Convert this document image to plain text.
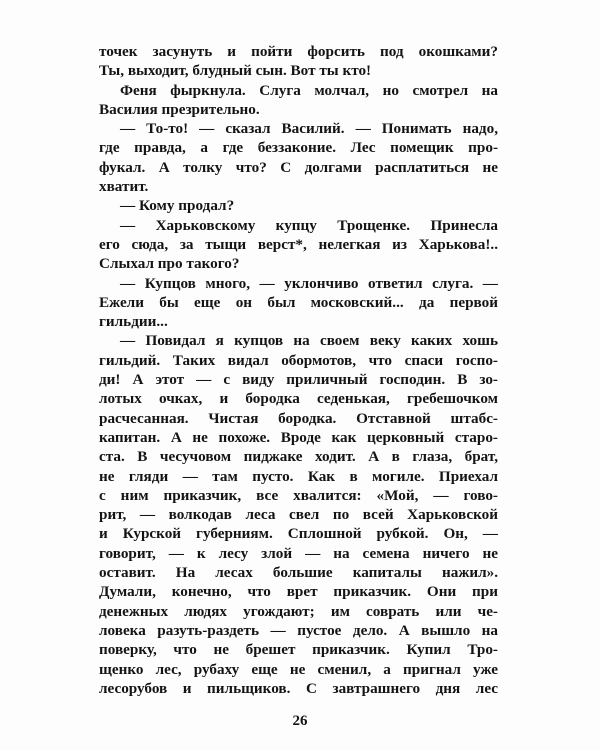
точек засунуть и пойти форсить под окошками?
Ты, выходит, блудный сын. Вот ты кто!
Феня фыркнула. Слуга молчал, но смотрел на
Василия презрительно.
— То-то! — сказал Василий. — Понимать надо,
где правда, а где беззаконие. Лес помещик про-
фукал. А толку что? С долгами расплатиться не
хватит.
— Кому продал?
— Харьковскому купцу Трощенке. Принесла
его сюда, за тыщи верст*, нелегкая из Харькова!..
Слыхал про такого?
— Купцов много, — уклончиво ответил слуга. —
Ежели бы еще он был московский... да первой
гильдии...
— Повидал я купцов на своем веку каких хошь
гильдий. Таких видал обормотов, что спаси госпо-
ди! А этот — с виду приличный господин. В зо-
лотых очках, и бородка седенькая, гребешочком
расчесанная. Чистая бородка. Отставной штабс-
капитан. А не похоже. Вроде как церковный старо-
ста. В чесучовом пиджаке ходит. А в глаза, брат,
не гляди — там пусто. Как в могиле. Приехал
с ним приказчик, все хвалится: «Мой, — гово-
рит, — волкодав леса свел по всей Харьковской
и Курской губерниям. Сплошной рубкой. Он, —
говорит, — к лесу злой — на семена ничего не
оставит. На лесах большие капиталы нажил».
Думали, конечно, что врет приказчик. Они при
денежных людях угождают; им соврать или че-
ловека разуть-раздеть — пустое дело. А вышло на
поверку, что не брешет приказчик. Купил Тро-
щенко лес, рубаху еще не сменил, а пригнал уже
лесорубов и пильщиков. С завтрашнего дня лес
26
